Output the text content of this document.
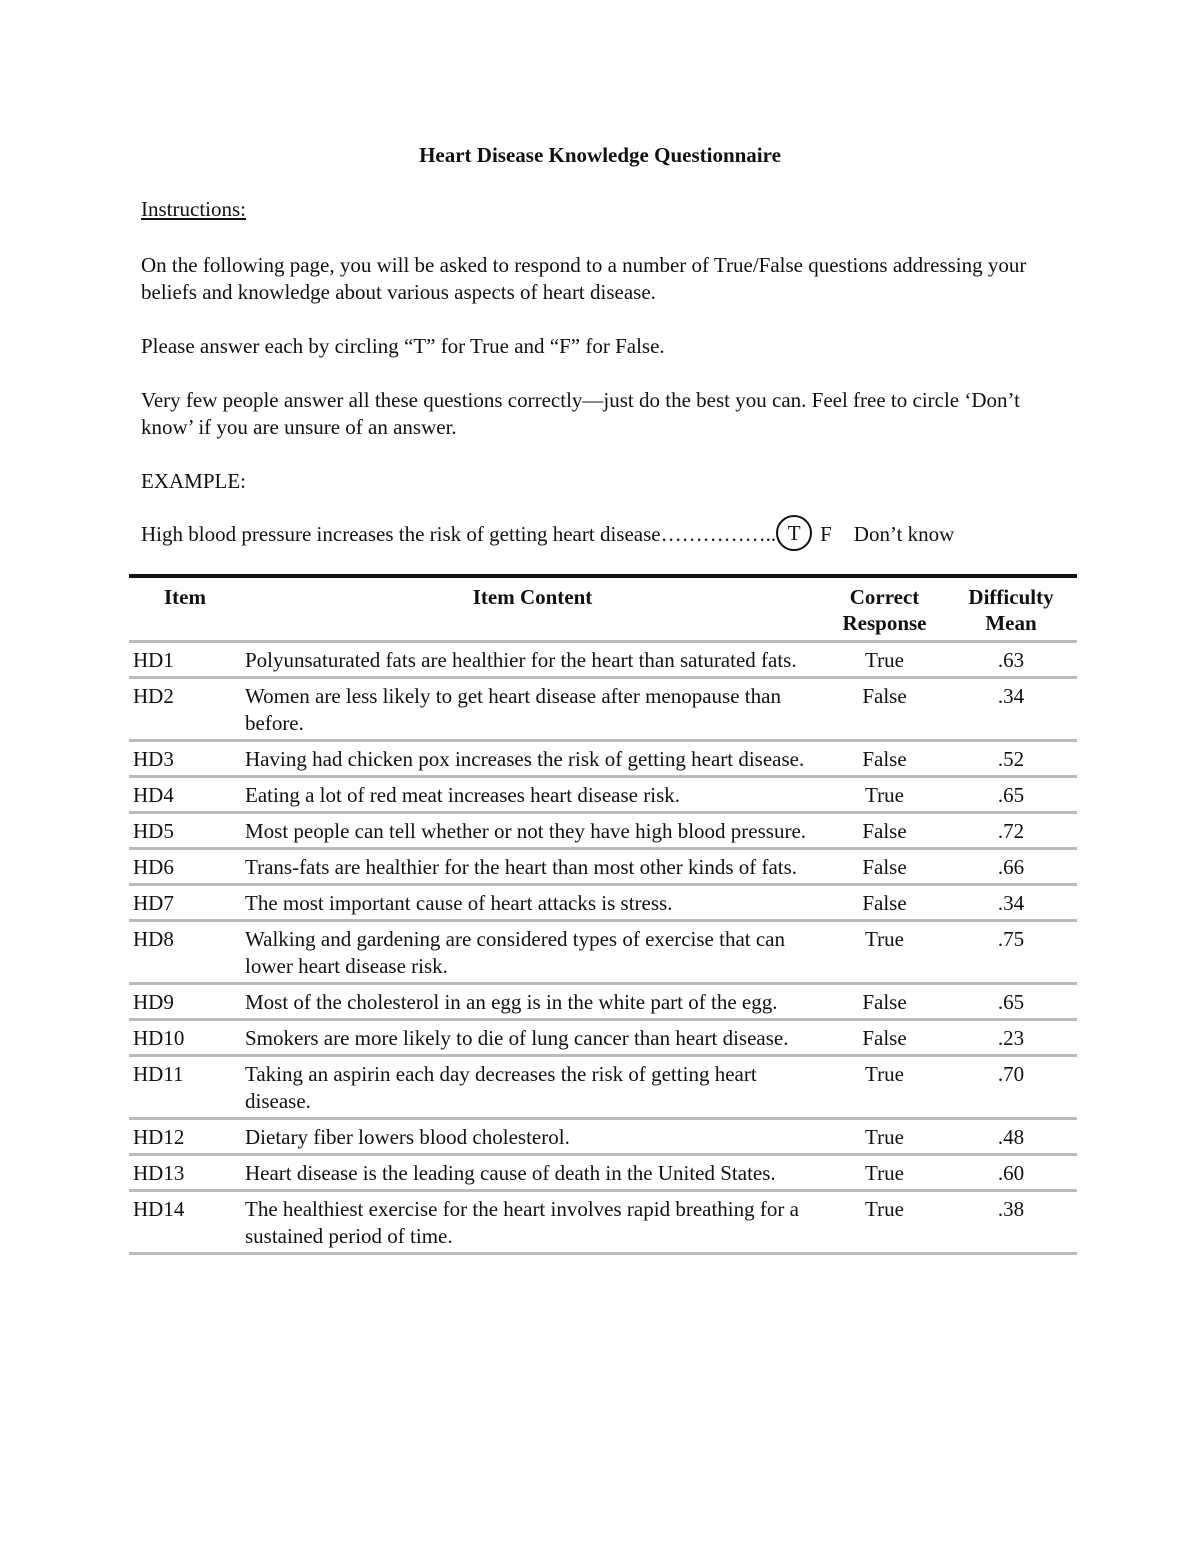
Heart Disease Knowledge Questionnaire
Instructions:
On the following page, you will be asked to respond to a number of True/False questions addressing your beliefs and knowledge about various aspects of heart disease.
Please answer each by circling “T” for True and “F” for False.
Very few people answer all these questions correctly—just do the best you can. Feel free to circle ‘Don’t know’ if you are unsure of an answer.
EXAMPLE:
High blood pressure increases the risk of getting heart disease…………….. T F Don’t know
Item	Item Content	Correct Response	Difficulty Mean

HD1	Polyunsaturated fats are healthier for the heart than saturated fats.	True	.63
HD2	Women are less likely to get heart disease after menopause than before.	False	.34
HD3	Having had chicken pox increases the risk of getting heart disease.	False	.52
HD4	Eating a lot of red meat increases heart disease risk.	True	.65
HD5	Most people can tell whether or not they have high blood pressure.	False	.72
HD6	Trans-fats are healthier for the heart than most other kinds of fats.	False	.66
HD7	The most important cause of heart attacks is stress.	False	.34
HD8	Walking and gardening are considered types of exercise that can lower heart disease risk.	True	.75
HD9	Most of the cholesterol in an egg is in the white part of the egg.	False	.65
HD10	Smokers are more likely to die of lung cancer than heart disease.	False	.23
HD11	Taking an aspirin each day decreases the risk of getting heart disease.	True	.70
HD12	Dietary fiber lowers blood cholesterol.	True	.48
HD13	Heart disease is the leading cause of death in the United States.	True	.60
HD14	The healthiest exercise for the heart involves rapid breathing for a sustained period of time.	True	.38
